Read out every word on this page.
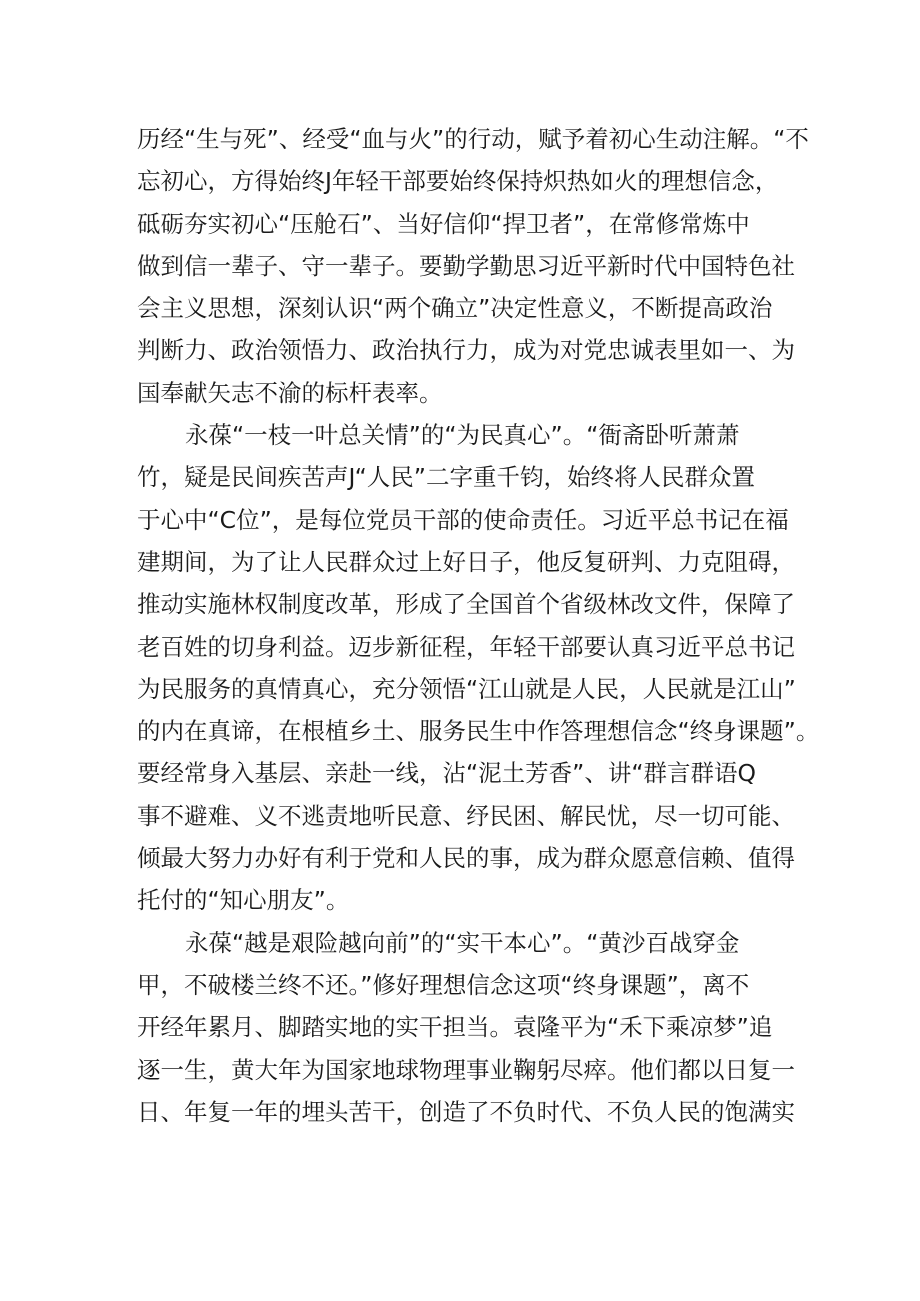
历经“生与死”、经受“血与火”的行动，赋予着初心生动注解。“不
忘初心，方得始终J年轻干部要始终保持炽热如火的理想信念，
砥砺夯实初心“压舱石”、当好信仰“捍卫者”，在常修常炼中
做到信一辈子、守一辈子。要勤学勤思习近平新时代中国特色社
会主义思想，深刻认识“两个确立”决定性意义，不断提高政治
判断力、政治领悟力、政治执行力，成为对党忠诚表里如一、为
国奉献矢志不渝的标杆表率。
永葆“一枝一叶总关情”的“为民真心”。“衙斋卧听萧萧
竹，疑是民间疾苦声J“人民”二字重千钧，始终将人民群众置
于心中“C位”，是每位党员干部的使命责任。习近平总书记在福
建期间，为了让人民群众过上好日子，他反复研判、力克阻碍，
推动实施林权制度改革，形成了全国首个省级林改文件，保障了
老百姓的切身利益。迈步新征程，年轻干部要认真习近平总书记
为民服务的真情真心，充分领悟“江山就是人民，人民就是江山”
的内在真谛，在根植乡土、服务民生中作答理想信念“终身课题”。
要经常身入基层、亲赴一线，沾“泥土芳香”、讲“群言群语Q
事不避难、义不逃责地听民意、纾民困、解民忧，尽一切可能、
倾最大努力办好有利于党和人民的事，成为群众愿意信赖、值得
托付的“知心朋友”。
永葆“越是艰险越向前”的“实干本心”。“黄沙百战穿金
甲，不破楼兰终不还。”修好理想信念这项“终身课题”，离不
开经年累月、脚踏实地的实干担当。袁隆平为“禾下乘凉梦”追
逐一生，黄大年为国家地球物理事业鞠躬尽瘁。他们都以日复一
日、年复一年的埋头苦干，创造了不负时代、不负人民的饱满实
